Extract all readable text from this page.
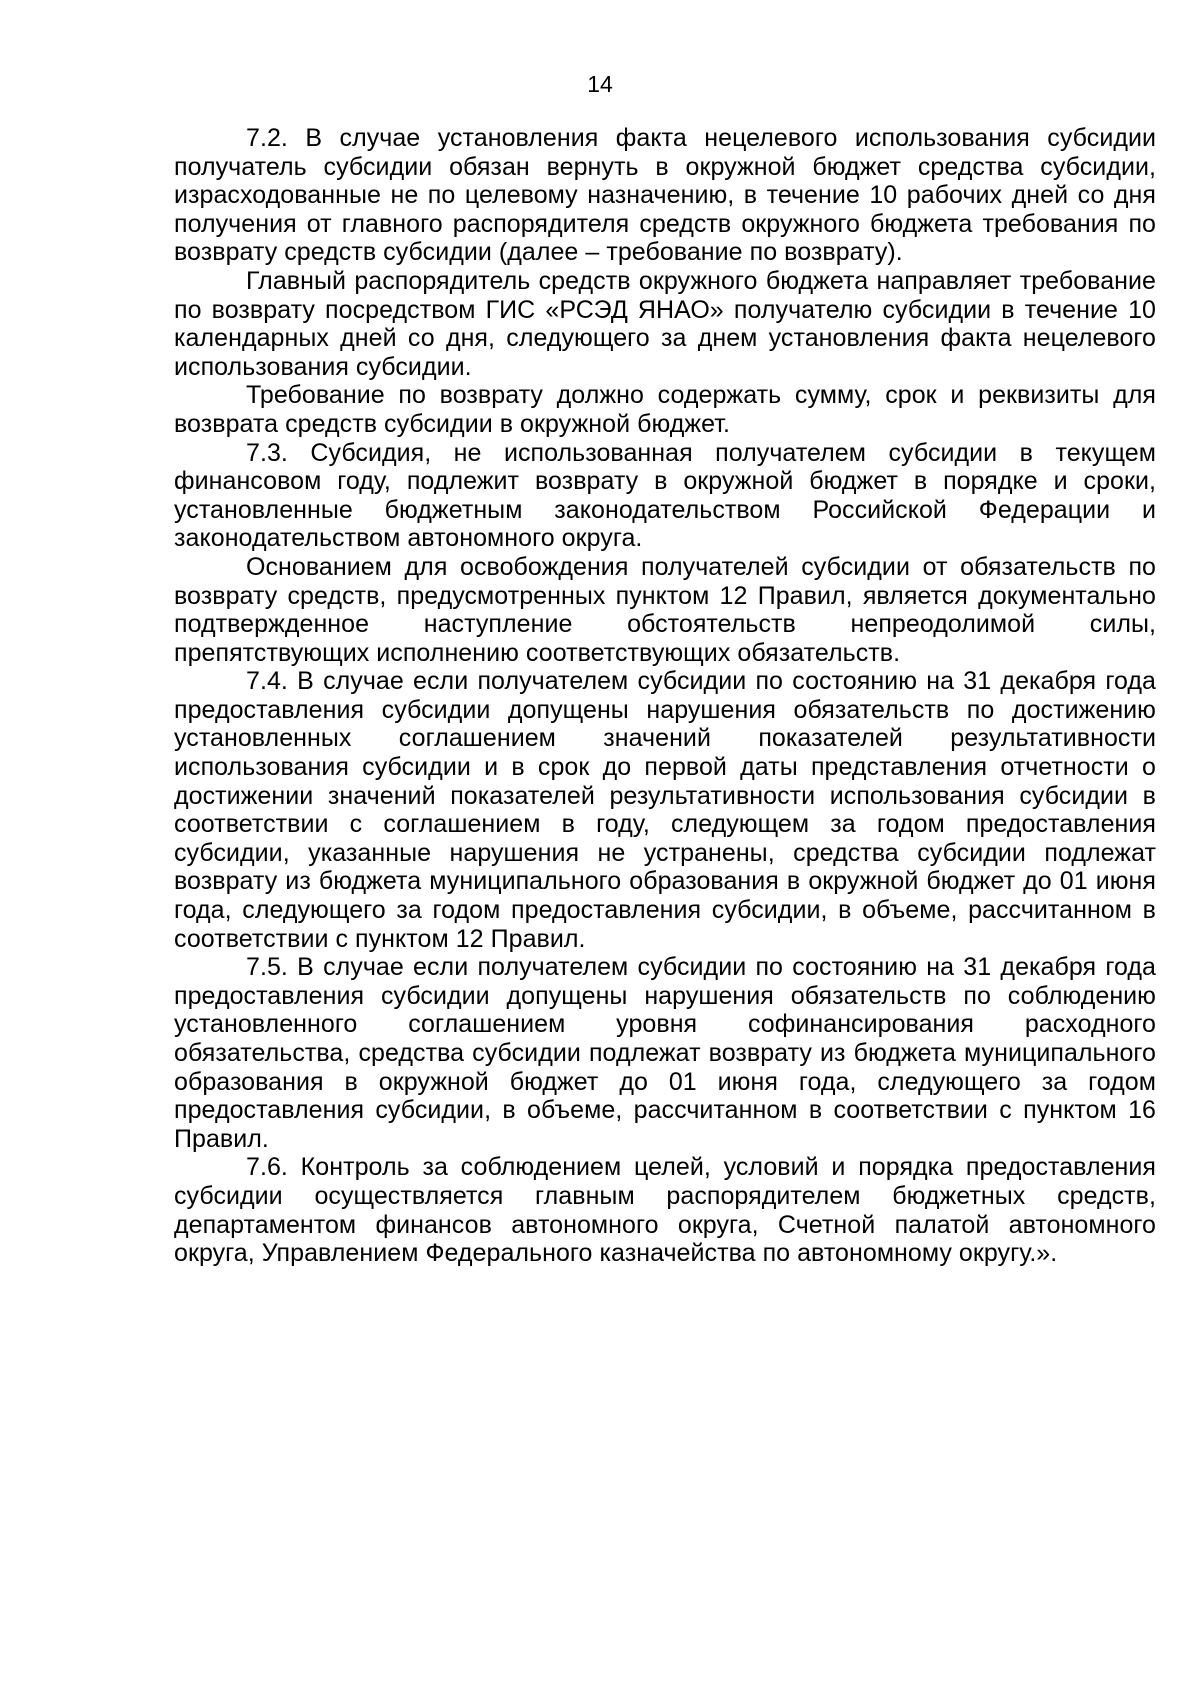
14

7.2. В случае установления факта нецелевого использования субсидии получатель субсидии обязан вернуть в окружной бюджет средства субсидии, израсходованные не по целевому назначению, в течение 10 рабочих дней со дня получения от главного распорядителя средств окружного бюджета требования по возврату средств субсидии (далее – требование по возврату).

Главный распорядитель средств окружного бюджета направляет требование по возврату посредством ГИС «РСЭД ЯНАО» получателю субсидии в течение 10 календарных дней со дня, следующего за днем установления факта нецелевого использования субсидии.

Требование по возврату должно содержать сумму, срок и реквизиты для возврата средств субсидии в окружной бюджет.

7.3. Субсидия, не использованная получателем субсидии в текущем финансовом году, подлежит возврату в окружной бюджет в порядке и сроки, установленные бюджетным законодательством Российской Федерации и законодательством автономного округа.

Основанием для освобождения получателей субсидии от обязательств по возврату средств, предусмотренных пунктом 12 Правил, является документально подтвержденное наступление обстоятельств непреодолимой силы, препятствующих исполнению соответствующих обязательств.

7.4. В случае если получателем субсидии по состоянию на 31 декабря года предоставления субсидии допущены нарушения обязательств по достижению установленных соглашением значений показателей результативности использования субсидии и в срок до первой даты представления отчетности о достижении значений показателей результативности использования субсидии в соответствии с соглашением в году, следующем за годом предоставления субсидии, указанные нарушения не устранены, средства субсидии подлежат возврату из бюджета муниципального образования в окружной бюджет до 01 июня года, следующего за годом предоставления субсидии, в объеме, рассчитанном в соответствии с пунктом 12 Правил.

7.5. В случае если получателем субсидии по состоянию на 31 декабря года предоставления субсидии допущены нарушения обязательств по соблюдению установленного соглашением уровня софинансирования расходного обязательства, средства субсидии подлежат возврату из бюджета муниципального образования в окружной бюджет до 01 июня года, следующего за годом предоставления субсидии, в объеме, рассчитанном в соответствии с пунктом 16 Правил.

7.6. Контроль за соблюдением целей, условий и порядка предоставления субсидии осуществляется главным распорядителем бюджетных средств, департаментом финансов автономного округа, Счетной палатой автономного округа, Управлением Федерального казначейства по автономному округу.».
